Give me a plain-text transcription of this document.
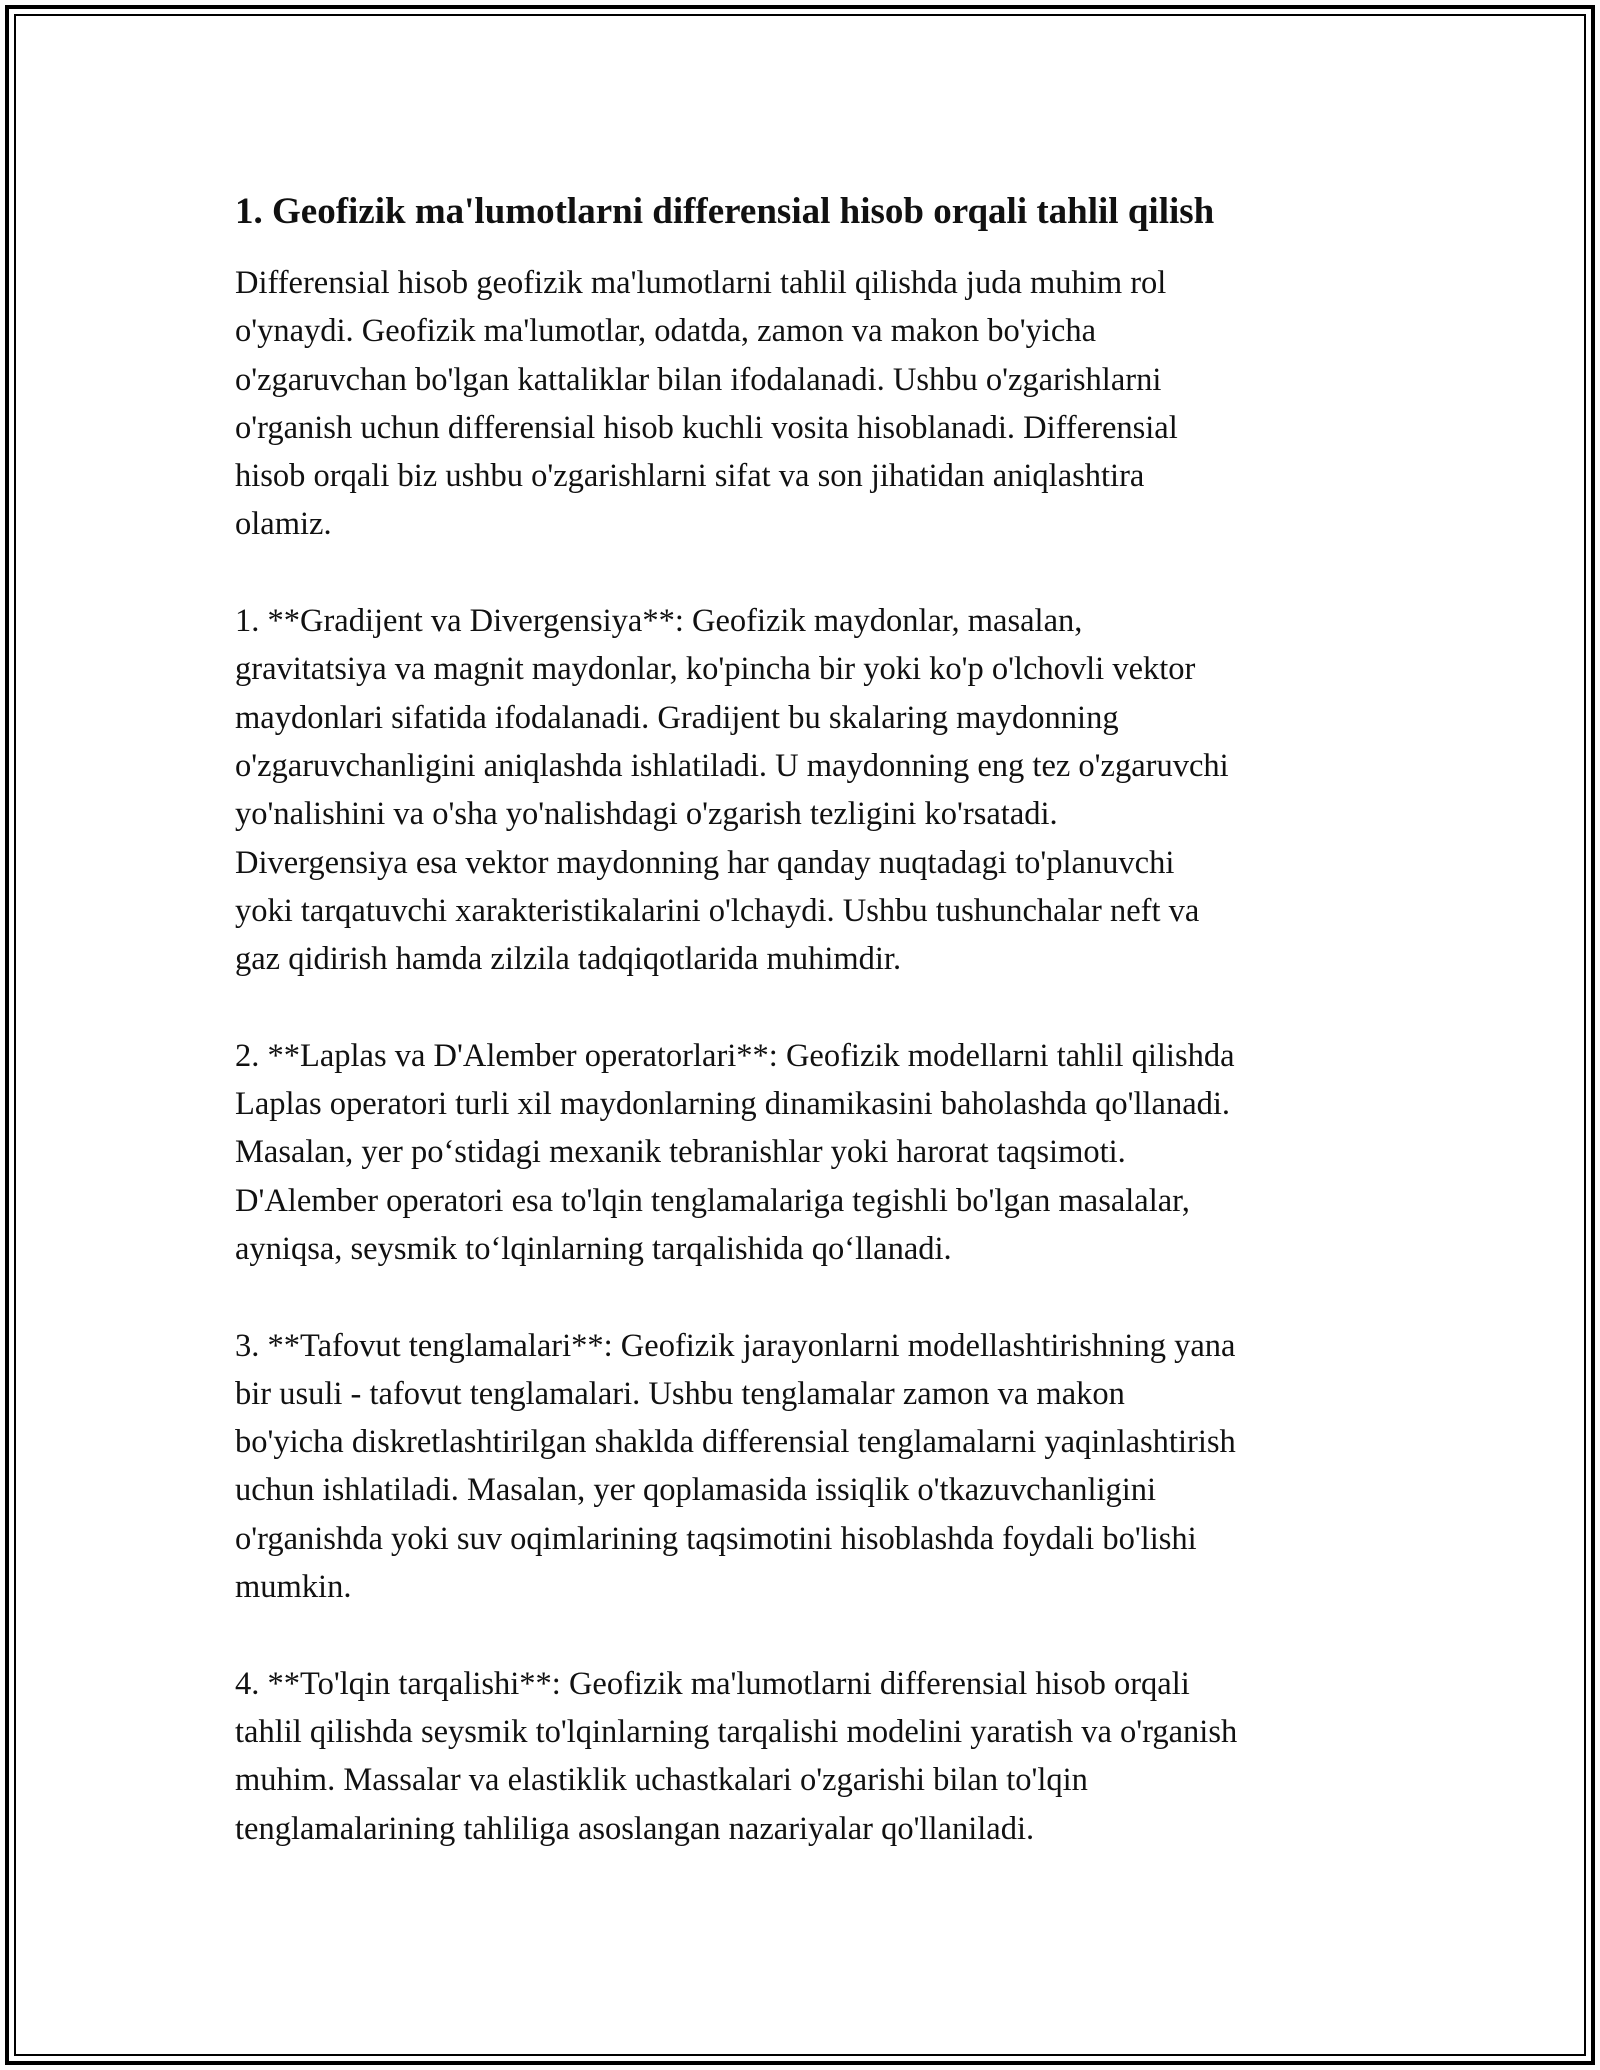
1. Geofizik ma'lumotlarni differensial hisob orqali tahlil qilish

Differensial hisob geofizik ma'lumotlarni tahlil qilishda juda muhim rol
o'ynaydi. Geofizik ma'lumotlar, odatda, zamon va makon bo'yicha
o'zgaruvchan bo'lgan kattaliklar bilan ifodalanadi. Ushbu o'zgarishlarni
o'rganish uchun differensial hisob kuchli vosita hisoblanadi. Differensial
hisob orqali biz ushbu o'zgarishlarni sifat va son jihatidan aniqlashtira
olamiz.

1. **Gradijent va Divergensiya**: Geofizik maydonlar, masalan,
gravitatsiya va magnit maydonlar, ko'pincha bir yoki ko'p o'lchovli vektor
maydonlari sifatida ifodalanadi. Gradijent bu skalaring maydonning
o'zgaruvchanligini aniqlashda ishlatiladi. U maydonning eng tez o'zgaruvchi
yo'nalishini va o'sha yo'nalishdagi o'zgarish tezligini ko'rsatadi.
Divergensiya esa vektor maydonning har qanday nuqtadagi to'planuvchi
yoki tarqatuvchi xarakteristikalarini o'lchaydi. Ushbu tushunchalar neft va
gaz qidirish hamda zilzila tadqiqotlarida muhimdir.

2. **Laplas va D'Alember operatorlari**: Geofizik modellarni tahlil qilishda
Laplas operatori turli xil maydonlarning dinamikasini baholashda qo'llanadi.
Masalan, yer po‘stidagi mexanik tebranishlar yoki harorat taqsimoti.
D'Alember operatori esa to'lqin tenglamalariga tegishli bo'lgan masalalar,
ayniqsa, seysmik to‘lqinlarning tarqalishida qo‘llanadi.

3. **Tafovut tenglamalari**: Geofizik jarayonlarni modellashtirishning yana
bir usuli - tafovut tenglamalari. Ushbu tenglamalar zamon va makon
bo'yicha diskretlashtirilgan shaklda differensial tenglamalarni yaqinlashtirish
uchun ishlatiladi. Masalan, yer qoplamasida issiqlik o'tkazuvchanligini
o'rganishda yoki suv oqimlarining taqsimotini hisoblashda foydali bo'lishi
mumkin.

4. **To'lqin tarqalishi**: Geofizik ma'lumotlarni differensial hisob orqali
tahlil qilishda seysmik to'lqinlarning tarqalishi modelini yaratish va o'rganish
muhim. Massalar va elastiklik uchastkalari o'zgarishi bilan to'lqin
tenglamalarining tahliliga asoslangan nazariyalar qo'llaniladi.
